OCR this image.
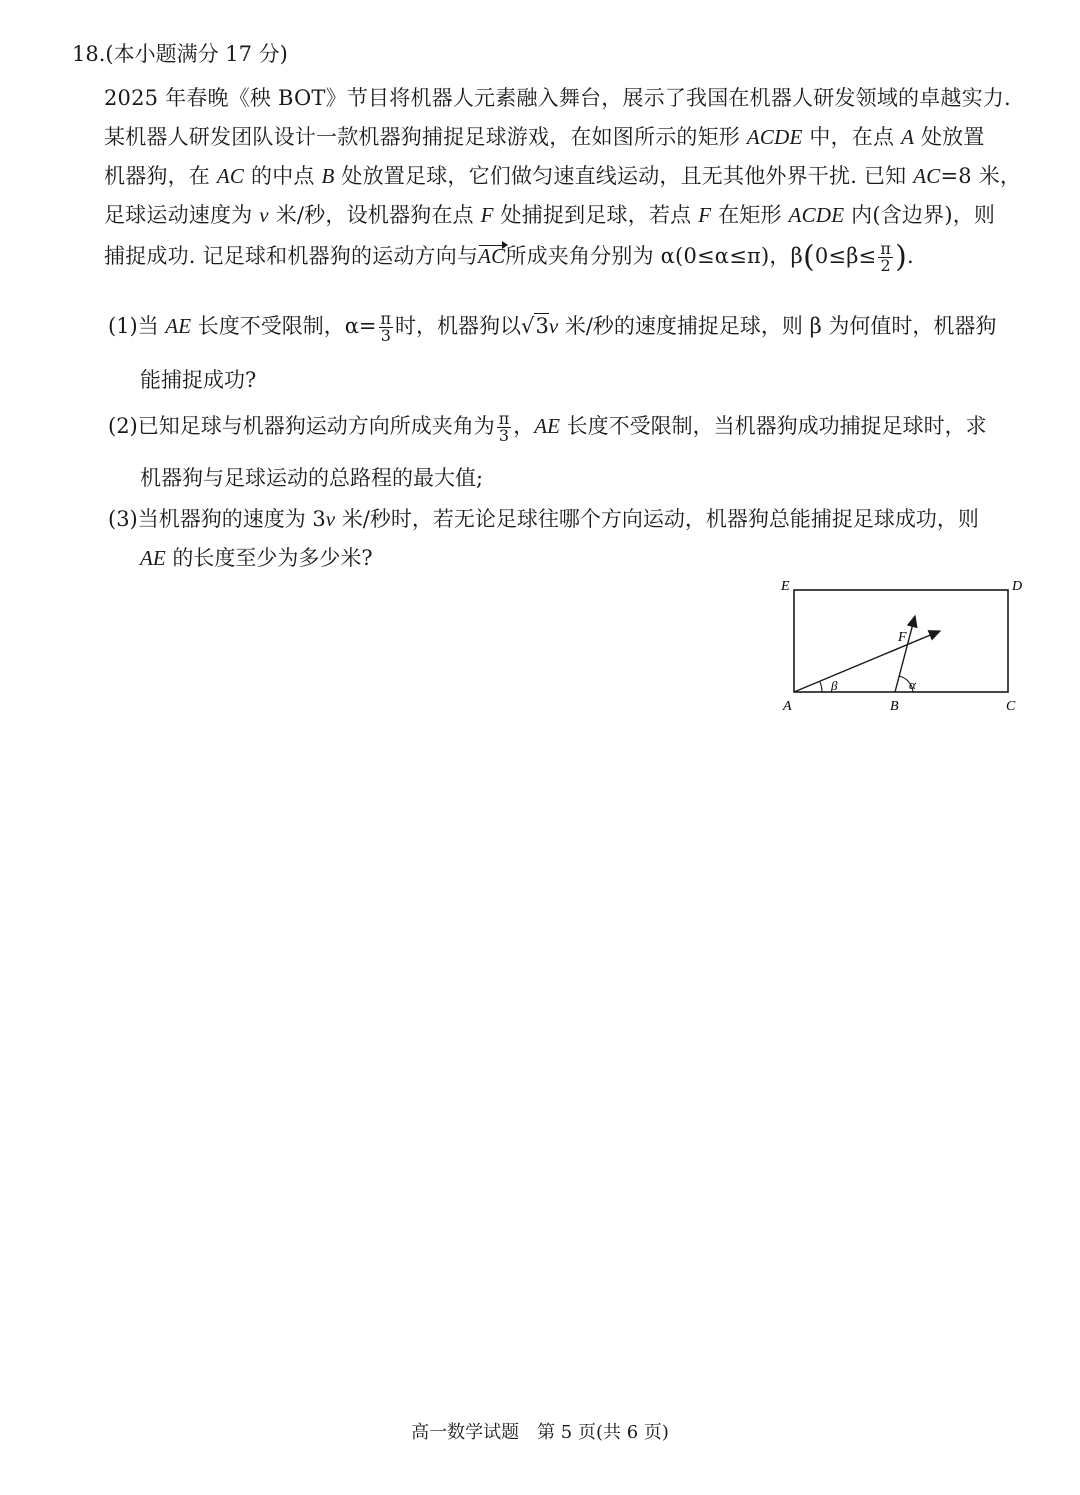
18.(本小题满分 17 分)
2025 年春晚《秧 BOT》节目将机器人元素融入舞台，展示了我国在机器人研发领域的卓越实力.
某机器人研发团队设计一款机器狗捕捉足球游戏，在如图所示的矩形 ACDE 中，在点 A 处放置
机器狗，在 AC 的中点 B 处放置足球，它们做匀速直线运动，且无其他外界干扰. 已知 AC=8 米，
足球运动速度为 v 米/秒，设机器狗在点 F 处捕捉到足球，若点 F 在矩形 ACDE 内(含边界)，则
捕捉成功. 记足球和机器狗的运动方向与AC所成夹角分别为 α(0≤α≤π)，$\beta(0\le\beta\le \frac{\pi}{2}$ ).
(1)当 AE 长度不受限制，$\alpha= \frac{\pi}{3}$ 时，机器狗以√3v 米/秒的速度捕捉足球，则 β 为何值时，机器狗
能捕捉成功?
(2)已知足球与机器狗运动方向所成夹角为 $\frac{\pi}{3}$ ，AE 长度不受限制，当机器狗成功捕捉足球时，求
机器狗与足球运动的总路程的最大值;
(3)当机器狗的速度为 3v 米/秒时，若无论足球往哪个方向运动，机器狗总能捕捉足球成功，则
AE 的长度至少为多少米?
E	D
A	B	C
F
β	α
高一数学试题　第 5 页(共 6 页)
